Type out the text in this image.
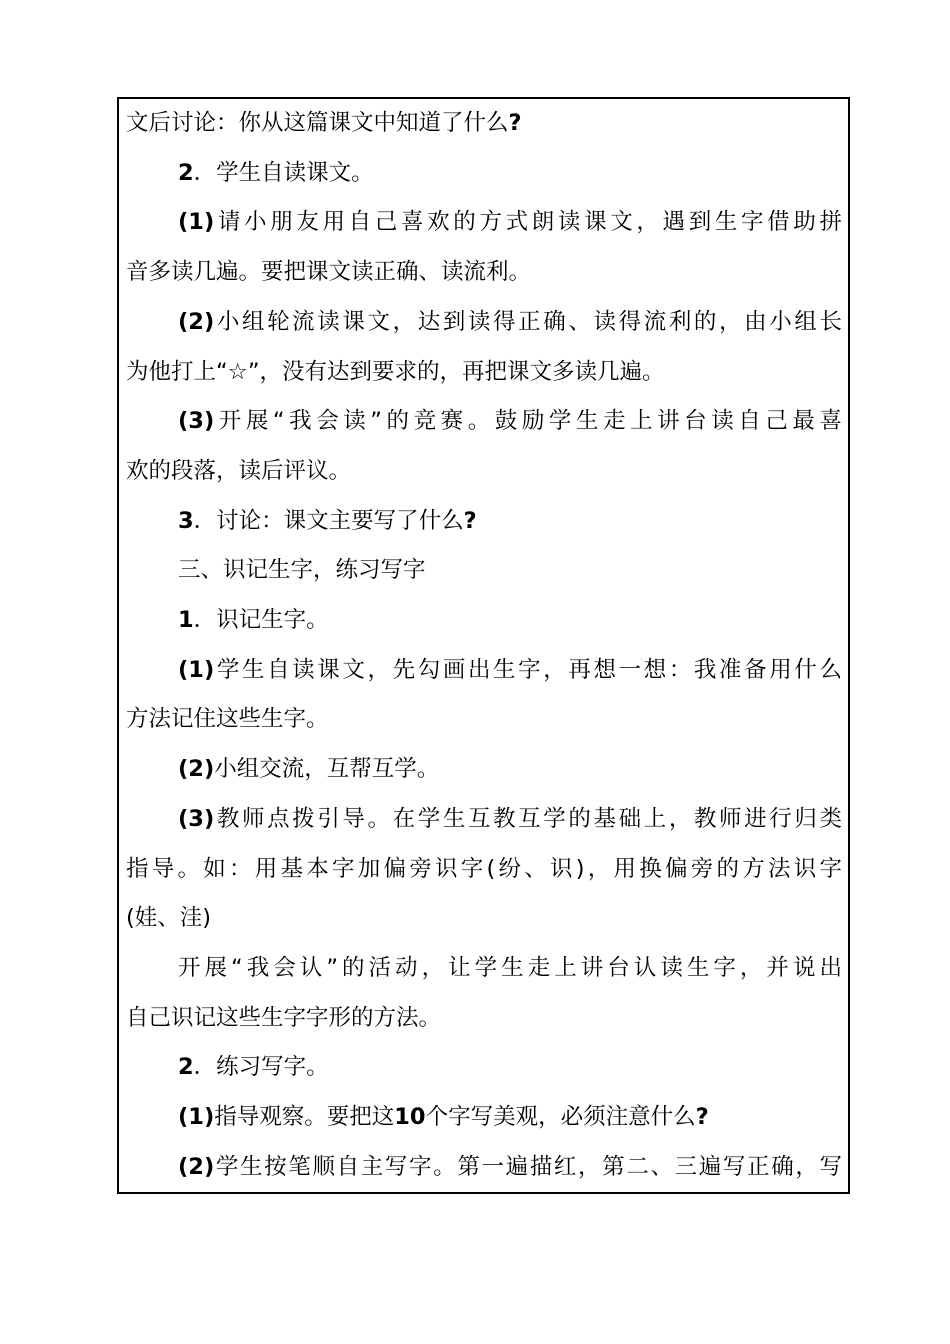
文后讨论：你从这篇课文中知道了什么?
2．学生自读课文。
(1)请小朋友用自己喜欢的方式朗读课文，遇到生字借助拼
音多读几遍。要把课文读正确、读流利。
(2)小组轮流读课文，达到读得正确、读得流利的，由小组长
为他打上“☆”，没有达到要求的，再把课文多读几遍。
(3)开展“我会读”的竞赛。鼓励学生走上讲台读自己最喜
欢的段落，读后评议。
3．讨论：课文主要写了什么?
三、识记生字，练习写字
1．识记生字。
(1)学生自读课文，先勾画出生字，再想一想：我准备用什么
方法记住这些生字。
(2)小组交流，互帮互学。
(3)教师点拨引导。在学生互教互学的基础上，教师进行归类
指导。如：用基本字加偏旁识字(纷、识)，用换偏旁的方法识字
(娃、洼)
开展“我会认”的活动，让学生走上讲台认读生字，并说出
自己识记这些生字字形的方法。
2．练习写字。
(1)指导观察。要把这10个字写美观，必须注意什么?
(2)学生按笔顺自主写字。第一遍描红，第二、三遍写正确，写
